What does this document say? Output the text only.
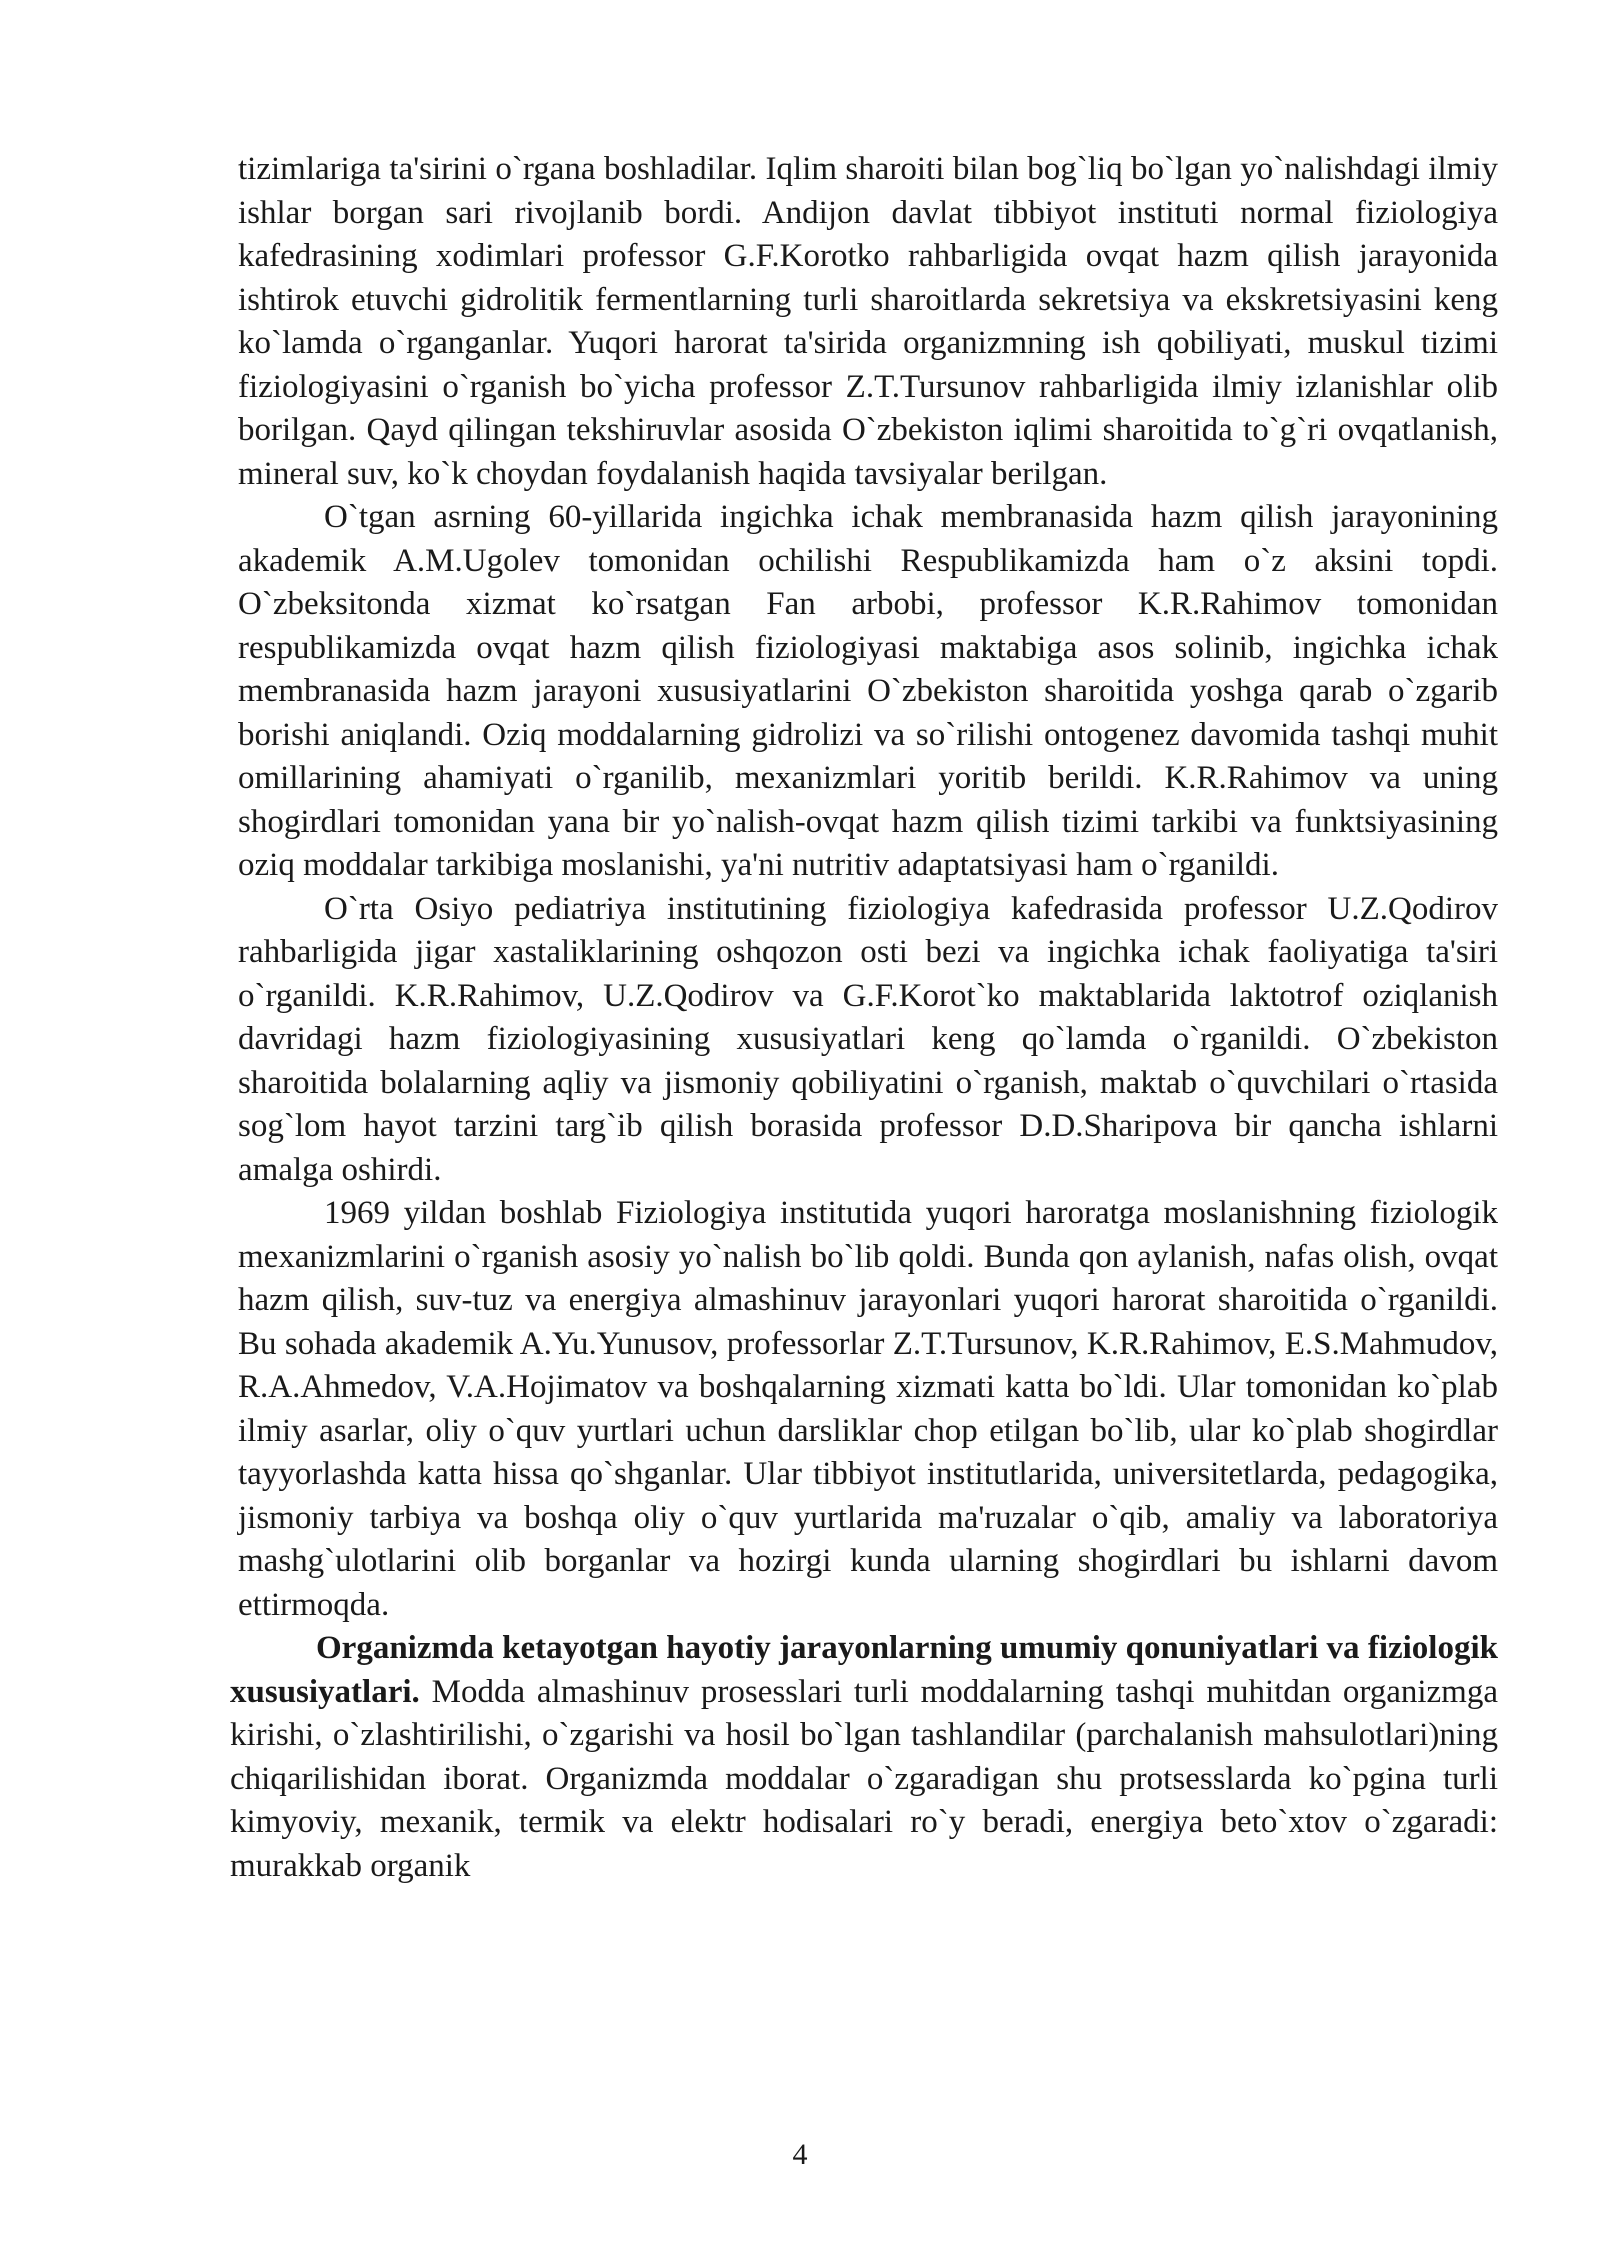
tizimlariga ta'sirini o`rgana boshladilar. Iqlim sharoiti bilan bog`liq bo`lgan yo`nalishdagi ilmiy ishlar borgan sari rivojlanib bordi. Andijon davlat tibbiyot instituti normal fiziologiya kafedrasining xodimlari professor G.F.Korotko rahbarligida ovqat hazm qilish jarayonida ishtirok etuvchi gidrolitik fermentlarning turli sharoitlarda sekretsiya va ekskretsiyasini keng ko`lamda o`rganganlar. Yuqori harorat ta'sirida organizmning ish qobiliyati, muskul tizimi fiziologiyasini o`rganish bo`yicha professor Z.T.Tursunov rahbarligida ilmiy izlanishlar olib borilgan. Qayd qilingan tekshiruvlar asosida O`zbekiston iqlimi sharoitida to`g`ri ovqatlanish, mineral suv, ko`k choydan foydalanish haqida tavsiyalar berilgan.

O`tgan asrning 60-yillarida ingichka ichak membranasida hazm qilish jarayonining akademik A.M.Ugolev tomonidan ochilishi Respublikamizda ham o`z aksini topdi. O`zbeksitonda xizmat ko`rsatgan Fan arbobi, professor K.R.Rahimov tomonidan respublikamizda ovqat hazm qilish fiziologiyasi maktabiga asos solinib, ingichka ichak membranasida hazm jarayoni xususiyatlarini O`zbekiston sharoitida yoshga qarab o`zgarib borishi aniqlandi. Oziq moddalarning gidrolizi va so`rilishi ontogenez davomida tashqi muhit omillarining ahamiyati o`rganilib, mexanizmlari yoritib berildi. K.R.Rahimov va uning shogirdlari tomonidan yana bir yo`nalish-ovqat hazm qilish tizimi tarkibi va funktsiyasining oziq moddalar tarkibiga moslanishi, ya'ni nutritiv adaptatsiyasi ham o`rganildi.

O`rta Osiyo pediatriya institutining fiziologiya kafedrasida professor U.Z.Qodirov rahbarligida jigar xastaliklarining oshqozon osti bezi va ingichka ichak faoliyatiga ta'siri o`rganildi. K.R.Rahimov, U.Z.Qodirov va G.F.Korot`ko maktablarida laktotrof oziqlanish davridagi hazm fiziologiyasining xususiyatlari keng qo`lamda o`rganildi. O`zbekiston sharoitida bolalarning aqliy va jismoniy qobiliyatini o`rganish, maktab o`quvchilari o`rtasida sog`lom hayot tarzini targ`ib qilish borasida professor D.D.Sharipova bir qancha ishlarni amalga oshirdi.

1969 yildan boshlab Fiziologiya institutida yuqori haroratga moslanishning fiziologik mexanizmlarini o`rganish asosiy yo`nalish bo`lib qoldi. Bunda qon aylanish, nafas olish, ovqat hazm qilish, suv-tuz va energiya almashinuv jarayonlari yuqori harorat sharoitida o`rganildi. Bu sohada akademik A.Yu.Yunusov, professorlar Z.T.Tursunov, K.R.Rahimov, E.S.Mahmudov, R.A.Ahmedov, V.A.Hojimatov va boshqalarning xizmati katta bo`ldi. Ular tomonidan ko`plab ilmiy asarlar, oliy o`quv yurtlari uchun darsliklar chop etilgan bo`lib, ular ko`plab shogirdlar tayyorlashda katta hissa qo`shganlar. Ular tibbiyot institutlarida, universitetlarda, pedagogika, jismoniy tarbiya va boshqa oliy o`quv yurtlarida ma'ruzalar o`qib, amaliy va laboratoriya mashg`ulotlarini olib borganlar va hozirgi kunda ularning shogirdlari bu ishlarni davom ettirmoqda.

Organizmda ketayotgan hayotiy jarayonlarning umumiy qonuniyatlari va fiziologik xususiyatlari. Modda almashinuv prosesslari turli moddalarning tashqi muhitdan organizmga kirishi, o`zlashtirilishi, o`zgarishi va hosil bo`lgan tashlandilar (parchalanish mahsulotlari)ning chiqarilishidan iborat. Organizmda moddalar o`zgaradigan shu protsesslarda ko`pgina turli kimyoviy, mexanik, termik va elektr hodisalari ro`y beradi, energiya beto`xtov o`zgaradi: murakkab organik

4
